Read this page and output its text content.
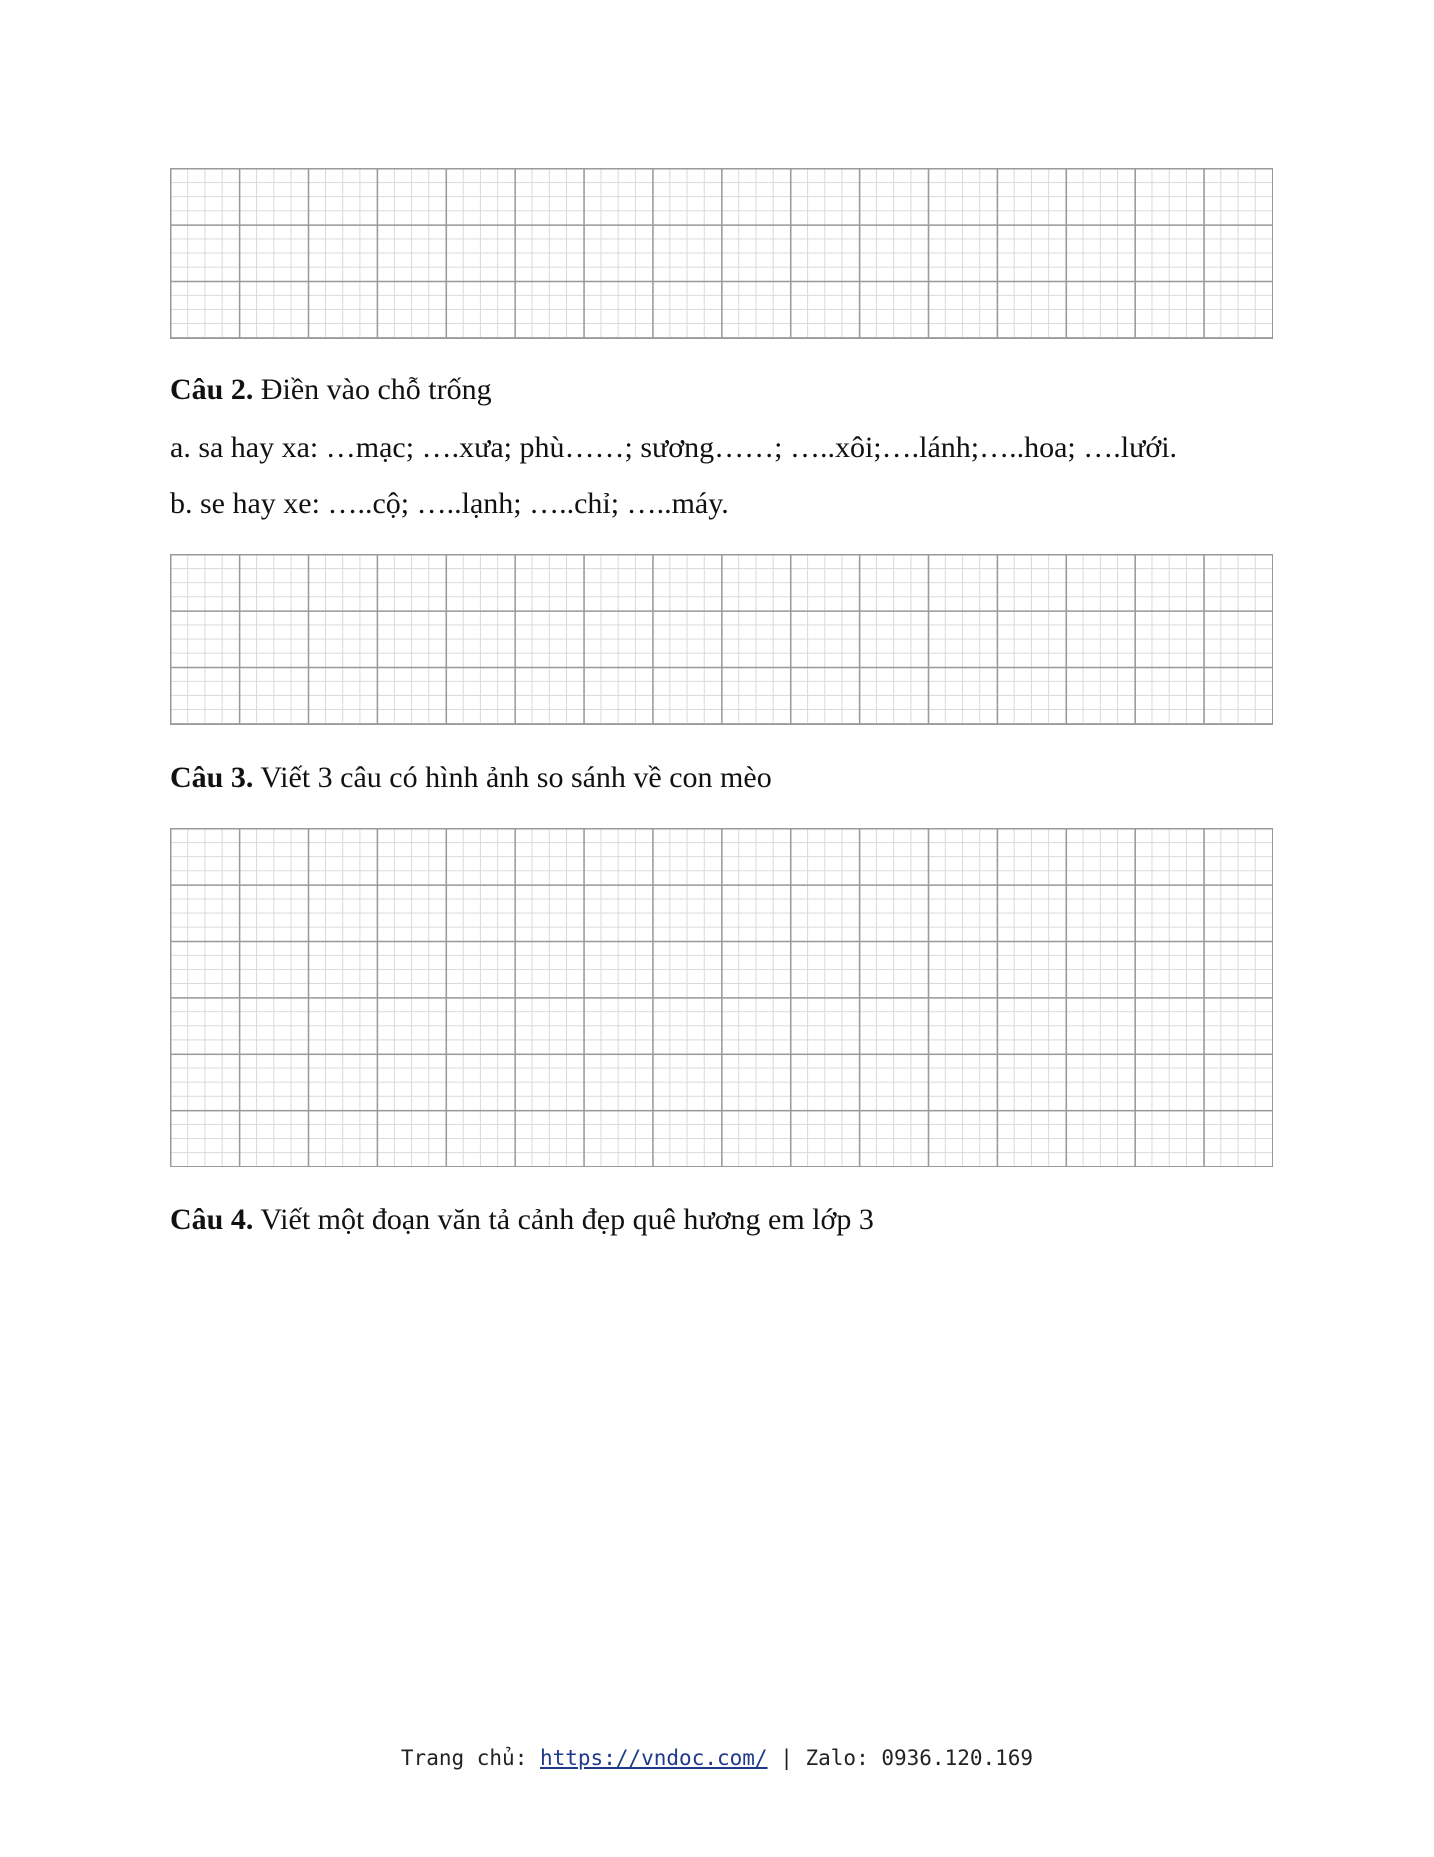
Câu 2. Điền vào chỗ trống
a. sa hay xa: …mạc; ….xưa; phù……; sương……; …..xôi;….lánh;…..hoa; ….lưới.
b. se hay xe: …..cộ; …..lạnh; …..chỉ; …..máy.
Câu 3. Viết 3 câu có hình ảnh so sánh về con mèo
Câu 4. Viết một đoạn văn tả cảnh đẹp quê hương em lớp 3
Trang chủ: https://vndoc.com/ | Zalo: 0936.120.169
